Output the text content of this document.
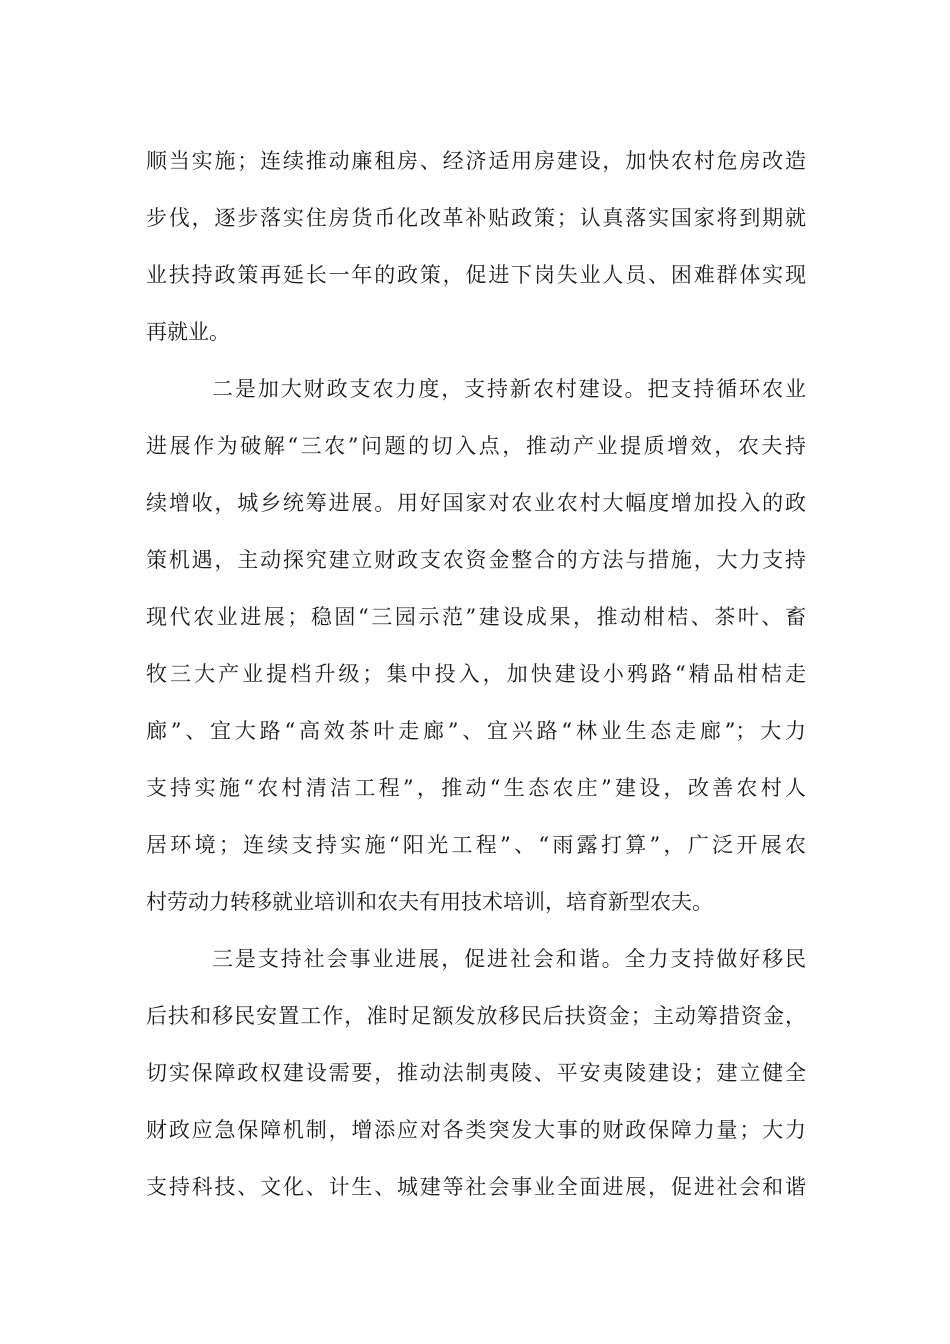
顺当实施；连续推动廉租房、经济适用房建设，加快农村危房改造
步伐，逐步落实住房货币化改革补贴政策；认真落实国家将到期就
业扶持政策再延长一年的政策，促进下岗失业人员、困难群体实现
再就业。
二是加大财政支农力度，支持新农村建设。把支持循环农业
进展作为破解“三农”问题的切入点，推动产业提质增效，农夫持
续增收，城乡统筹进展。用好国家对农业农村大幅度增加投入的政
策机遇，主动探究建立财政支农资金整合的方法与措施，大力支持
现代农业进展；稳固“三园示范”建设成果，推动柑桔、茶叶、畜
牧三大产业提档升级；集中投入，加快建设小鸦路“精品柑桔走
廊”、宜大路“高效茶叶走廊”、宜兴路“林业生态走廊”；大力
支持实施“农村清洁工程”，推动“生态农庄”建设，改善农村人
居环境；连续支持实施“阳光工程”、“雨露打算”，广泛开展农
村劳动力转移就业培训和农夫有用技术培训，培育新型农夫。
三是支持社会事业进展，促进社会和谐。全力支持做好移民
后扶和移民安置工作，准时足额发放移民后扶资金；主动筹措资金，
切实保障政权建设需要，推动法制夷陵、平安夷陵建设；建立健全
财政应急保障机制，增添应对各类突发大事的财政保障力量；大力
支持科技、文化、计生、城建等社会事业全面进展，促进社会和谐
